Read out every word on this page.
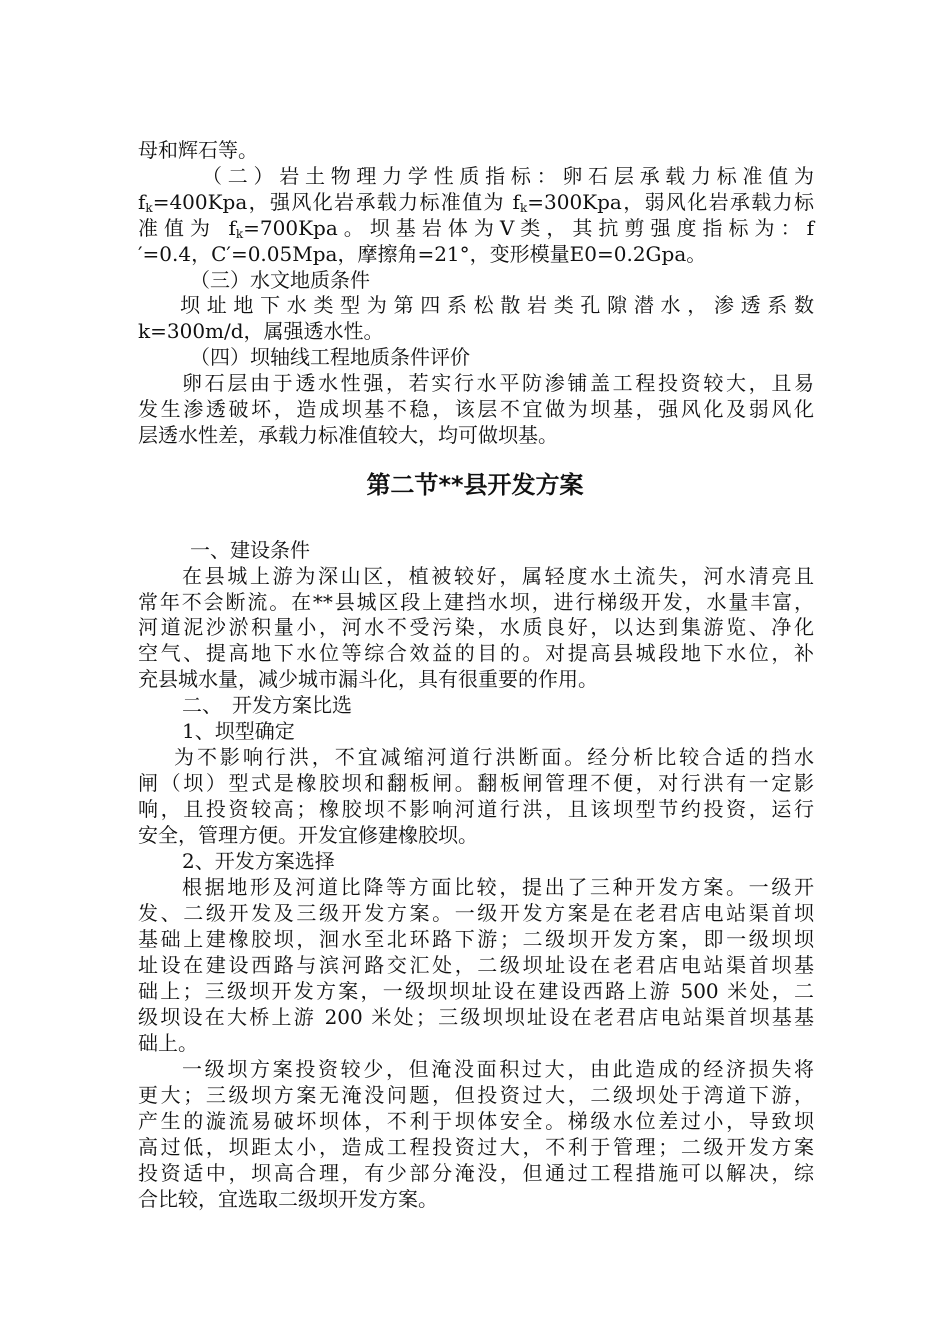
母和辉石等。
（二）岩土物理力学性质指标：卵石层承载力标准值为
$f_k=400Kpa$，强风化岩承载力标准值为 $f_k=300Kpa$，弱风化岩承载力标
准值为 $f_k=700Kpa$。坝基岩体为Ⅴ类，其抗剪强度指标为：f
′=0.4，C′=0.05Mpa，摩擦角=21°，变形模量E0=0.2Gpa。
（三）水文地质条件
坝址地下水类型为第四系松散岩类孔隙潜水，渗透系数
k=300m/d，属强透水性。
（四）坝轴线工程地质条件评价
卵石层由于透水性强，若实行水平防渗铺盖工程投资较大，且易
发生渗透破坏，造成坝基不稳，该层不宜做为坝基，强风化及弱风化
层透水性差，承载力标准值较大，均可做坝基。
第二节**县开发方案
一、建设条件
在县城上游为深山区，植被较好，属轻度水土流失，河水清亮且
常年不会断流。在**县城区段上建挡水坝，进行梯级开发，水量丰富，
河道泥沙淤积量小，河水不受污染，水质良好，以达到集游览、净化
空气、提高地下水位等综合效益的目的。对提高县城段地下水位，补
充县城水量，减少城市漏斗化，具有很重要的作用。
二、　开发方案比选
1、坝型确定
为不影响行洪，不宜减缩河道行洪断面。经分析比较合适的挡水
闸（坝）型式是橡胶坝和翻板闸。翻板闸管理不便，对行洪有一定影
响，且投资较高；橡胶坝不影响河道行洪，且该坝型节约投资，运行
安全，管理方便。开发宜修建橡胶坝。
2、开发方案选择
根据地形及河道比降等方面比较，提出了三种开发方案。一级开
发、二级开发及三级开发方案。一级开发方案是在老君店电站渠首坝
基础上建橡胶坝，洄水至北环路下游；二级坝开发方案，即一级坝坝
址设在建设西路与滨河路交汇处，二级坝址设在老君店电站渠首坝基
础上；三级坝开发方案，一级坝坝址设在建设西路上游 500 米处，二
级坝设在大桥上游 200 米处；三级坝坝址设在老君店电站渠首坝基基
础上。
一级坝方案投资较少，但淹没面积过大，由此造成的经济损失将
更大；三级坝方案无淹没问题，但投资过大，二级坝处于湾道下游，
产生的漩流易破坏坝体，不利于坝体安全。梯级水位差过小，导致坝
高过低，坝距太小，造成工程投资过大，不利于管理；二级开发方案
投资适中，坝高合理，有少部分淹没，但通过工程措施可以解决，综
合比较，宜选取二级坝开发方案。
